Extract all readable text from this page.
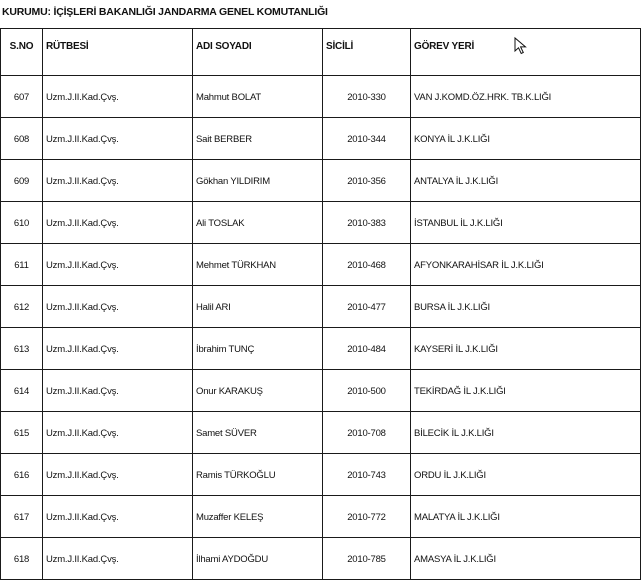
KURUMU: İÇİŞLERİ BAKANLIĞI JANDARMA GENEL KOMUTANLIĞI
S.NO	RÜTBESİ	ADI SOYADI	SİCİLİ	GÖREV YERİ
607	Uzm.J.II.Kad.Çvş.	Mahmut BOLAT	2010-330	VAN J.KOMD.ÖZ.HRK. TB.K.LIĞI
608	Uzm.J.II.Kad.Çvş.	Sait BERBER	2010-344	KONYA İL J.K.LIĞI
609	Uzm.J.II.Kad.Çvş.	Gökhan YILDIRIM	2010-356	ANTALYA İL J.K.LIĞI
610	Uzm.J.II.Kad.Çvş.	Ali TOSLAK	2010-383	İSTANBUL İL J.K.LIĞI
611	Uzm.J.II.Kad.Çvş.	Mehmet TÜRKHAN	2010-468	AFYONKARAHİSAR İL J.K.LIĞI
612	Uzm.J.II.Kad.Çvş.	Halil ARI	2010-477	BURSA İL J.K.LIĞI
613	Uzm.J.II.Kad.Çvş.	İbrahim TUNÇ	2010-484	KAYSERİ İL J.K.LIĞI
614	Uzm.J.II.Kad.Çvş.	Onur KARAKUŞ	2010-500	TEKİRDAĞ İL J.K.LIĞI
615	Uzm.J.II.Kad.Çvş.	Samet SÜVER	2010-708	BİLECİK İL J.K.LIĞI
616	Uzm.J.II.Kad.Çvş.	Ramis TÜRKOĞLU	2010-743	ORDU İL J.K.LIĞI
617	Uzm.J.II.Kad.Çvş.	Muzaffer KELEŞ	2010-772	MALATYA İL J.K.LIĞI
618	Uzm.J.II.Kad.Çvş.	İlhami AYDOĞDU	2010-785	AMASYA İL J.K.LIĞI
